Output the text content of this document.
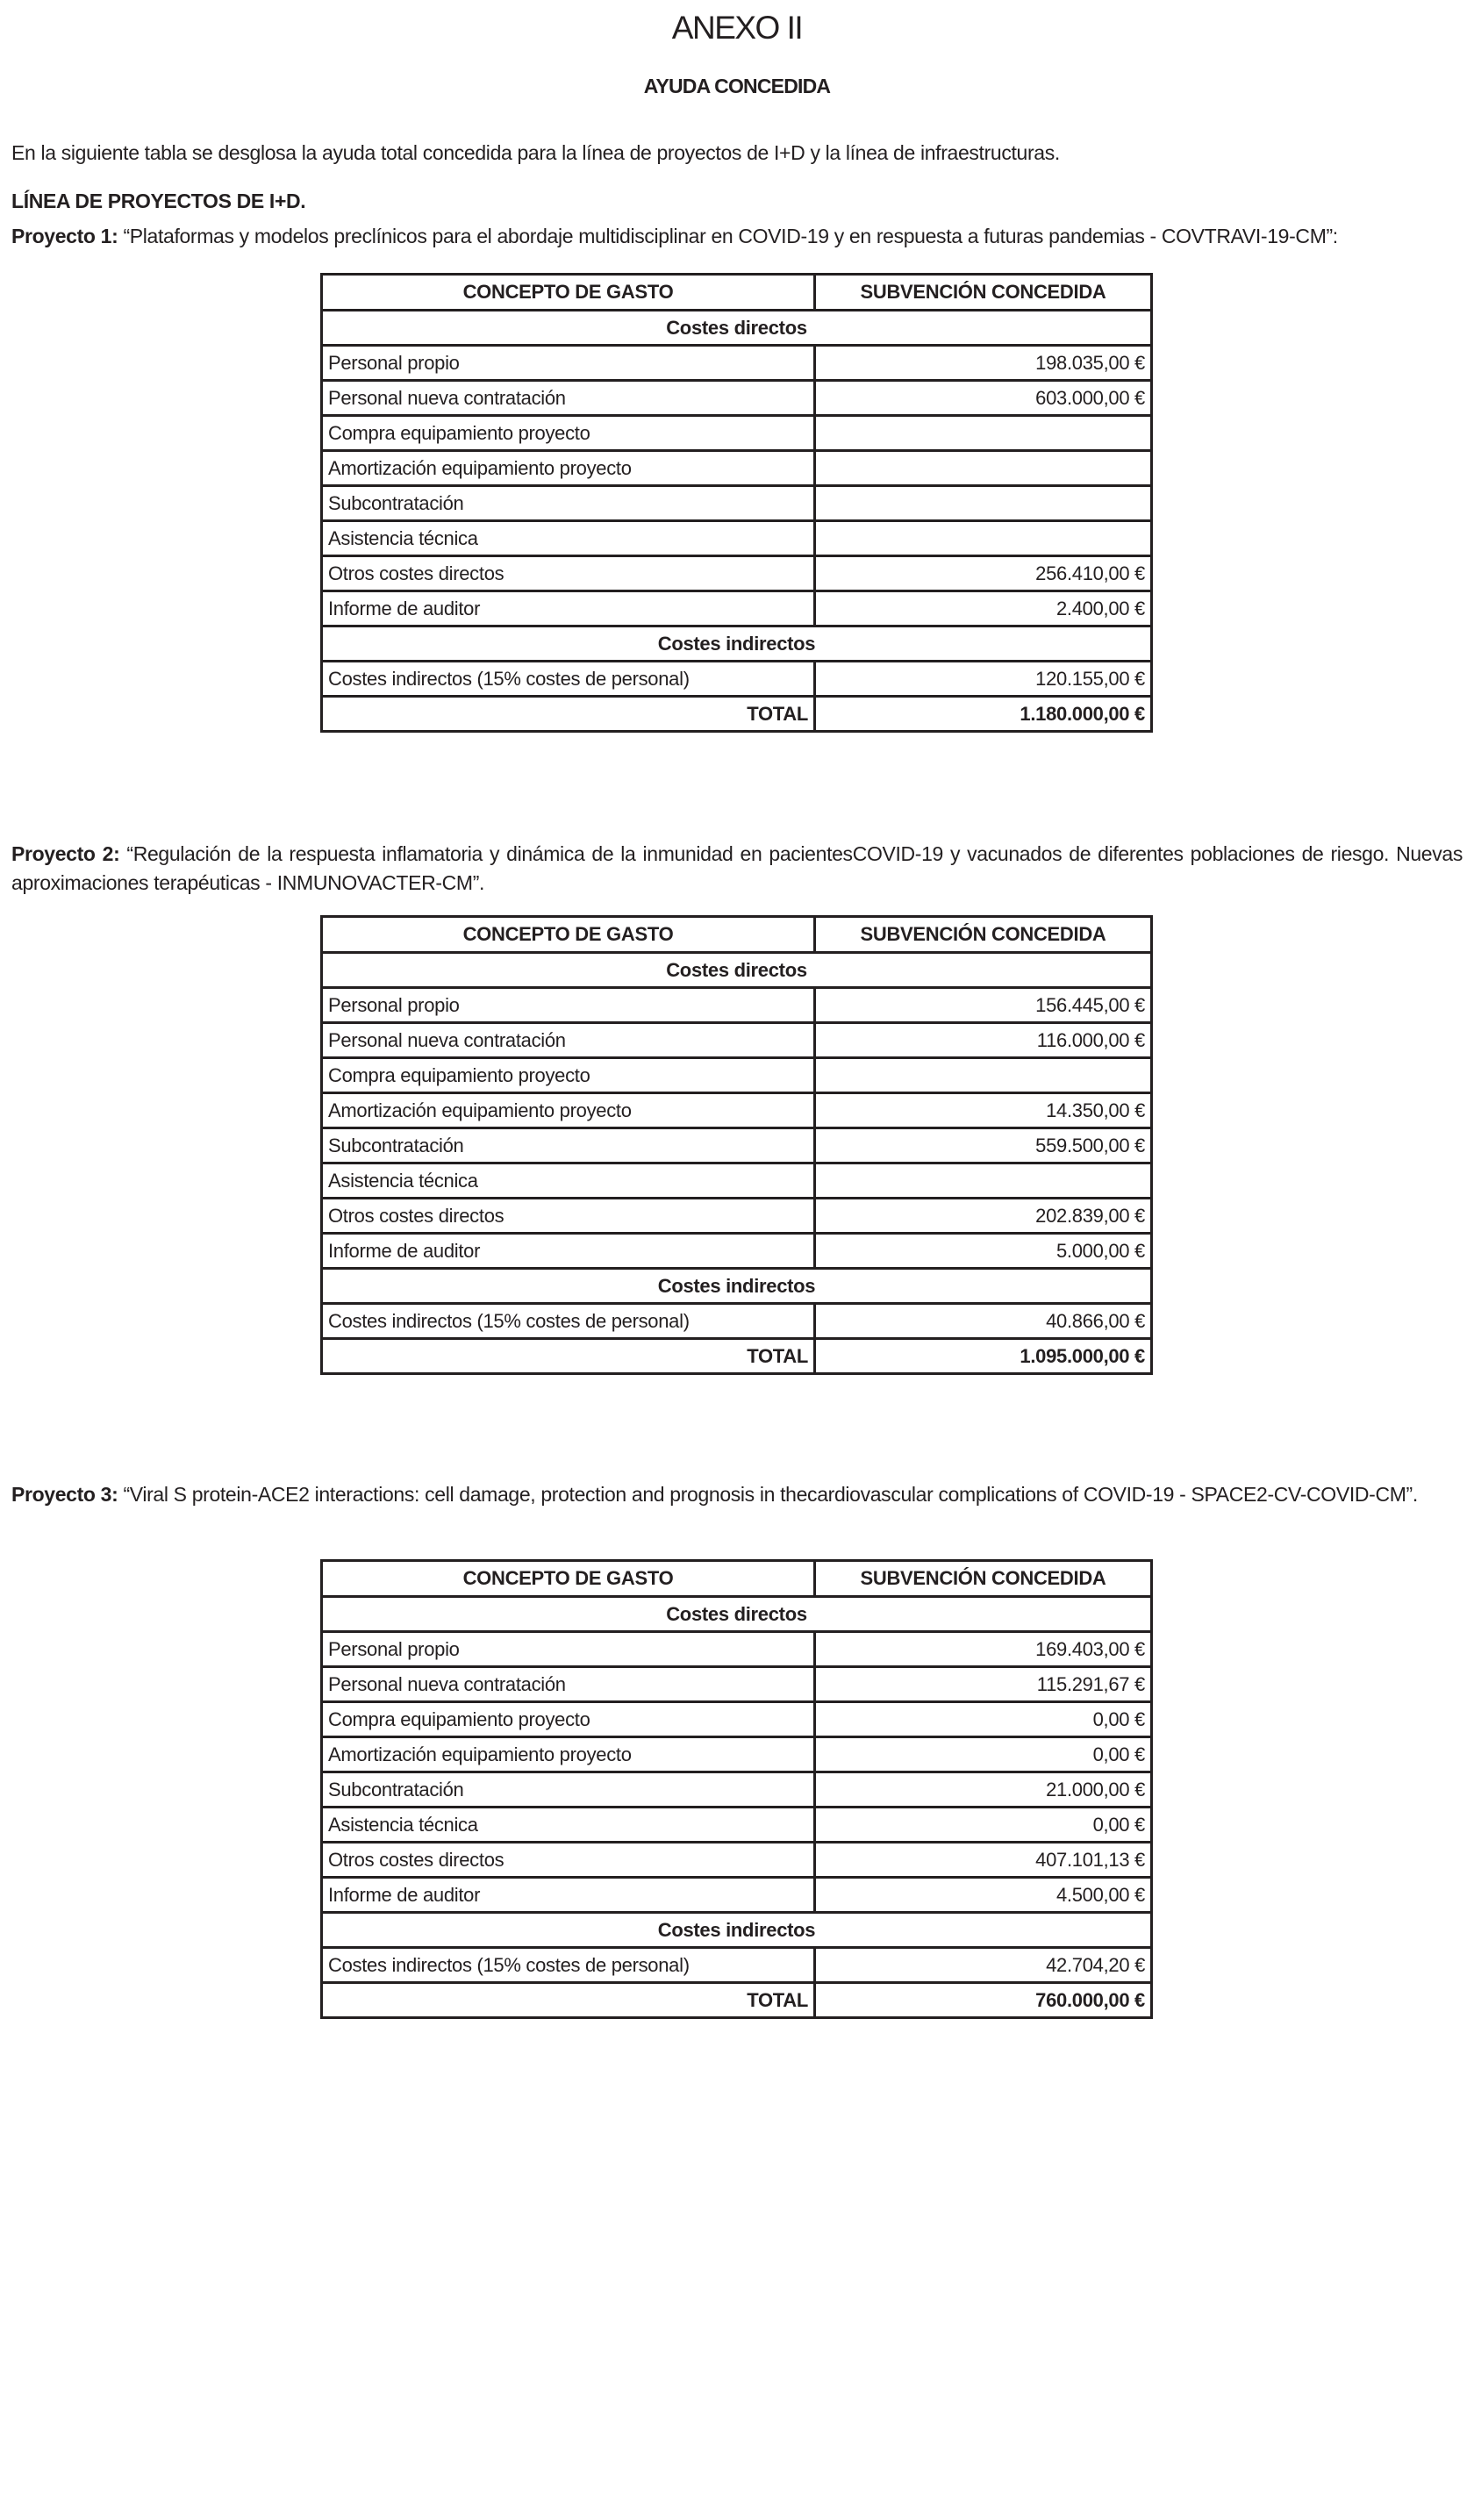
ANEXO II
AYUDA CONCEDIDA
En la siguiente tabla se desglosa la ayuda total concedida para la línea de proyectos de I+D y la línea de infraestructuras.
LÍNEA DE PROYECTOS DE I+D.
Proyecto 1: “Plataformas y modelos preclínicos para el abordaje multidisciplinar en COVID-19 y en respuesta a futuras pandemias - COVTRAVI-19-CM”:
CONCEPTO DE GASTO	SUBVENCIÓN CONCEDIDA
Costes directos	
Personal propio	198.035,00 €
Personal nueva contratación	603.000,00 €
Compra equipamiento proyecto	
Amortización equipamiento proyecto	
Subcontratación	
Asistencia técnica	
Otros costes directos	256.410,00 €
Informe de auditor	2.400,00 €
Costes indirectos	
Costes indirectos (15% costes de personal)	120.155,00 €
TOTAL	1.180.000,00 €
Proyecto 2: “Regulación de la respuesta inflamatoria y dinámica de la inmunidad en pacientesCOVID-19 y vacunados de diferentes poblaciones de riesgo. Nuevas aproximaciones terapéuticas - INMUNOVACTER-CM”.
CONCEPTO DE GASTO	SUBVENCIÓN CONCEDIDA
Costes directos	
Personal propio	156.445,00 €
Personal nueva contratación	116.000,00 €
Compra equipamiento proyecto	
Amortización equipamiento proyecto	14.350,00 €
Subcontratación	559.500,00 €
Asistencia técnica	
Otros costes directos	202.839,00 €
Informe de auditor	5.000,00 €
Costes indirectos	
Costes indirectos (15% costes de personal)	40.866,00 €
TOTAL	1.095.000,00 €
Proyecto 3: “Viral S protein-ACE2 interactions: cell damage, protection and prognosis in thecardiovascular complications of COVID-19 - SPACE2-CV-COVID-CM”.
CONCEPTO DE GASTO	SUBVENCIÓN CONCEDIDA
Costes directos	
Personal propio	169.403,00 €
Personal nueva contratación	115.291,67 €
Compra equipamiento proyecto	0,00 €
Amortización equipamiento proyecto	0,00 €
Subcontratación	21.000,00 €
Asistencia técnica	0,00 €
Otros costes directos	407.101,13 €
Informe de auditor	4.500,00 €
Costes indirectos	
Costes indirectos (15% costes de personal)	42.704,20 €
TOTAL	760.000,00 €
